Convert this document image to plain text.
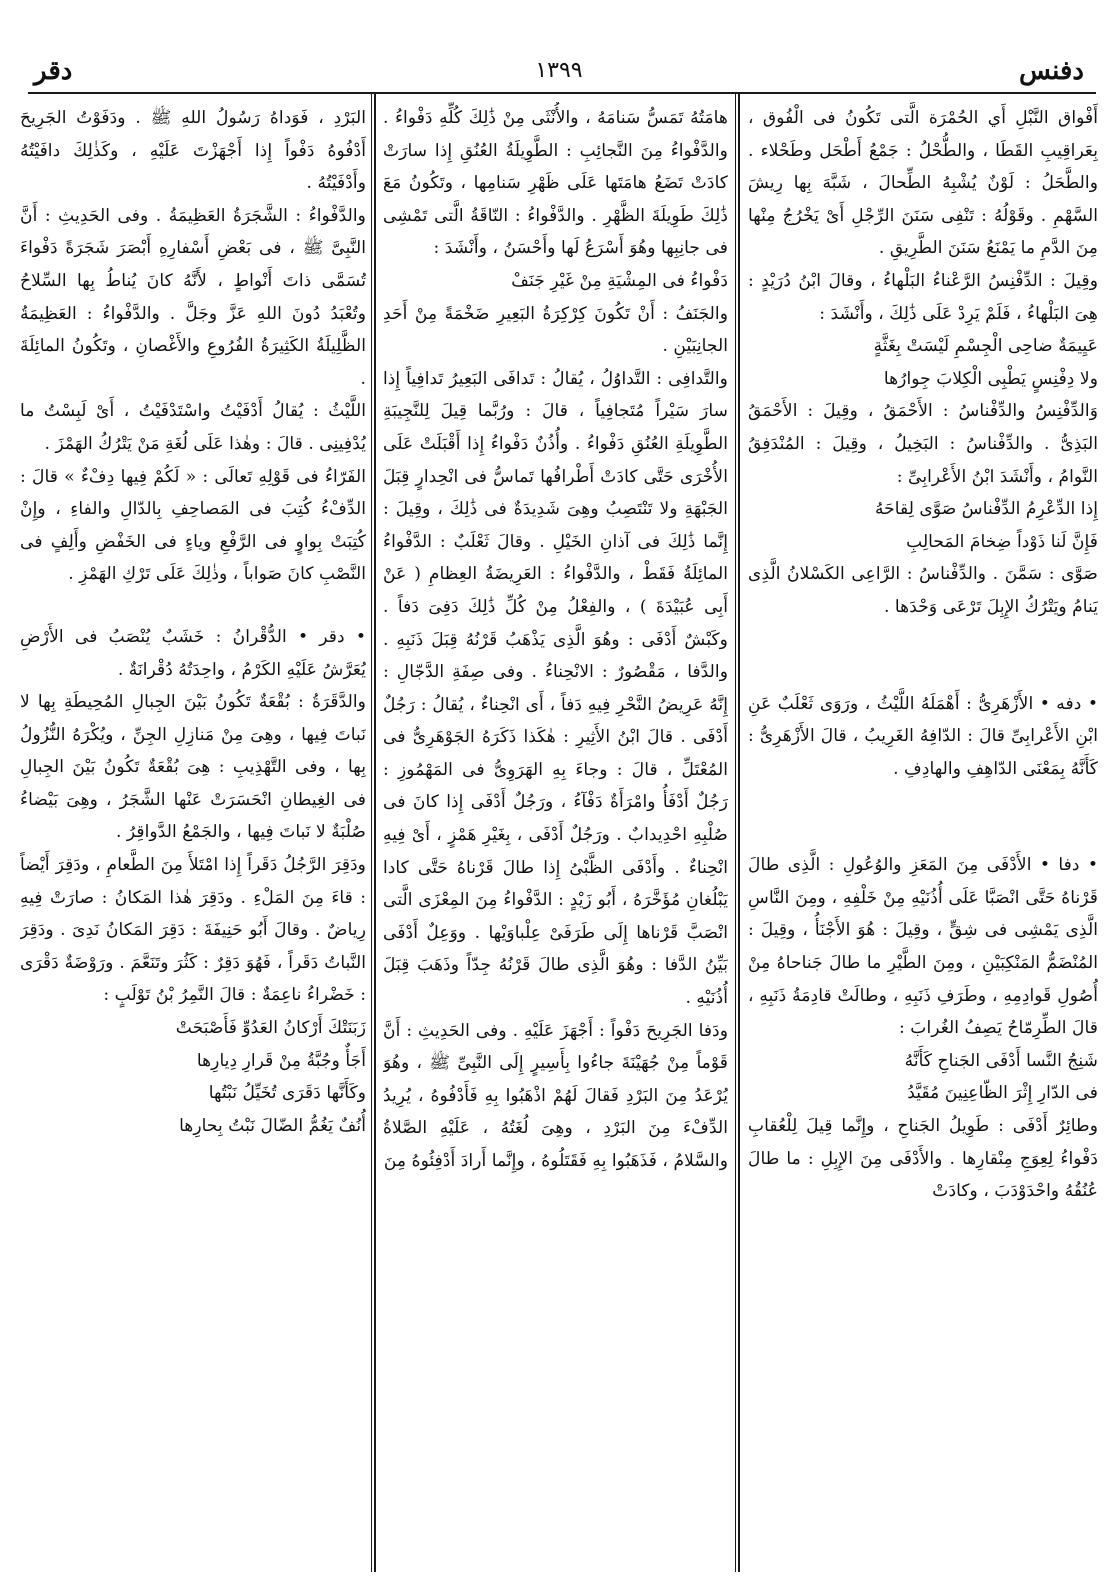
دفنس
١٣٩٩
دقر

أَفْواق النَّبْلِ أَي الحُمْرَة الَّتى تَكُونُ فى الْفُوق ، بِعَراقِيبِ القَطَا ، والطُّحْلُ : جَمْعُ أَطْحَل وطَحْلاء . والطَّحَلُ : لَوْنٌ يُشْبِهُ الطِّحالَ ، شَبَّهَ بِها رِيشَ السَّهْمِ . وقَوْلُهُ : تَنْفِى سَنَنَ الرِّجْلِ أَىْ يَخْرُجُ مِنْها مِنَ الدَّمِ ما يَمْنَعُ سَنَنَ الطَّرِيقِ .

وقِيلَ : الدِّفْنِسُ الرَّعْناءُ البَلْهاءُ ، وقالَ ابْنُ دُرَيْدٍ : هِىَ البَلْهاءُ ، فَلَمْ يَرِدْ عَلَى ذَٰلِكَ ، وأَنْشَدَ :

عَيِيمَةٌ ضاحِى الْجِسْمِ لَيْسَتْ بِغَثَّةٍ

ولا دِفْنِسٍ يَطْبِى الْكِلابَ جِوارُها

وَالدِّفْنِسُ والدِّفْناسُ : الأَحْمَقُ ، وقِيلَ : الأَحْمَقُ البَذِىُّ . والدِّفْناسُ : البَخِيلُ ، وقِيلَ : المُنْدَفِقُ النَّوامُ ، وأَنْشَدَ ابْنُ الأَعْرابِىِّ :

إِذا الدِّعْرِمُ الدِّفْناسُ صَوَّى لِقاحَهُ

فَإِنَّ لَنا ذَوْداً ضِخامَ المَحالِبِ

صَوَّى : سَمَّنَ . والدِّفْناسُ : الرَّاعِى الكَسْلانُ الَّذِى يَنامُ ويَتْرُكُ الإِبِلَ تَرْعَى وَحْدَها .

• دفه • الأَزْهَرِىُّ : أَهْمَلَهُ اللَّيْثُ ، ورَوَى ثَعْلَبٌ عَنِ ابْنِ الأَعْرابِىِّ قالَ : الدّافِهُ الغَرِيبُ ، قالَ الأَزْهَرِىُّ : كَأَنَّهُ بِمَعْنَى الدّاهِفِ والهادِفِ .

• دفا • الأَدْفَى مِنَ المَعَزِ والوُعُولِ : الَّذِى طالَ قَرْناهُ حَتَّى انْصَبَّا عَلَى أُذُنَيْهِ مِنْ خَلْفِهِ ، ومِنَ النَّاسِ الَّذِى يَمْشِى فى شِقٍّ ، وقِيلَ : هُوَ الأَجْنَأُ ، وقِيلَ : المُنْضَمُّ المَنْكِبَيْنِ ، ومِنَ الطَّيْرِ ما طالَ جَناحاهُ مِنْ أُصُولِ قَوادِمِهِ ، وطَرَفِ ذَنَبِهِ ، وطالَتْ قادِمَةُ ذَنَبِهِ ، قالَ الطِّرِمّاحُ يَصِفُ الغُرابَ :

شَنِجُ النَّسا أَدْفَى الجَناحِ كَأَنَّهُ

فى الدّارِ إِثْرَ الظّاعِنِينَ مُقَيَّدُ

وطائِرٌ أَدْفَى : طَوِيلُ الجَناحِ ، وإِنَّما قِيلَ لِلْعُقابِ دَفْواءُ لِعِوَجِ مِنْقارِها . والأَدْفَى مِنَ الإِبِلِ : ما طالَ عُنُقُهُ واحْدَوْدَبَ ، وكادَتْ

هامَتُهُ تَمَسُّ سَنامَهُ ، والأُنْثَى مِنْ ذَٰلِكَ كُلِّهِ دَفْواءُ . والدَّفْواءُ مِنَ النَّجائِبِ : الطَّوِيلَةُ العُنُقِ إِذا سارَتْ كادَتْ تَضَعُ هامَتَها عَلَى ظَهْرِ سَنامِها ، وتَكُونُ مَعَ ذَٰلِكَ طَوِيلَةَ الظَّهْرِ . والدَّفْواءُ : النّاقَةُ الَّتى تَمْشِى فى جانِبِها وهُوَ أَسْرَعُ لَها وأَحْسَنُ ، وأَنْشَدَ :

دَفْواءُ فى المِشْيَةِ مِنْ غَيْرِ جَنَفْ

والجَنَفُ : أَنْ تَكُونَ كِرْكِرَةُ البَعِيرِ ضَخْمَةً مِنْ أَحَدِ الجانِبَيْنِ .

والتَّدافِى : التَّداوُلُ ، يُقالُ : تَدافَى البَعِيرُ تَدافِياً إِذا سارَ سَيْراً مُتَجافِياً ، قالَ : ورُبَّما قِيلَ لِلنَّجِيبَةِ الطَّوِيلَةِ العُنُقِ دَفْواءُ . وأُذُنٌ دَفْواءُ إِذا أَقْبَلَتْ عَلَى الأُخْرَى حَتَّى كادَتْ أَطْرافُها تَماسُّ فى انْحِدارٍ قِبَلَ الجَبْهَةِ ولا تَنْتَصِبُ وهِىَ شَدِيدَةٌ فى ذَٰلِكَ ، وقِيلَ : إِنَّما ذَٰلِكَ فى آذانِ الخَيْلِ . وقالَ ثَعْلَبٌ : الدَّفْواءُ المائِلَةُ فَقَطْ ، والدَّفْواءُ : العَرِيضَةُ العِظامِ ( عَنْ أَبِى عُبَيْدَةَ ) ، والفِعْلُ مِنْ كُلِّ ذَٰلِكَ دَفِىَ دَفاً . وكَبْشٌ أَدْفَى : وهُوَ الَّذِى يَذْهَبُ قَرْنُهُ قِبَلَ ذَنَبِهِ . والدَّفا ، مَقْصُورٌ : الانْحِناءُ . وفى صِفَةِ الدَّجّالِ : إِنَّهُ عَرِيضُ النَّحْرِ فِيهِ دَفاً ، أَى انْحِناءٌ ، يُقالُ : رَجُلٌ أَدْفَى . قالَ ابْنُ الأَثِيرِ : هٰكَذا ذَكَرَهُ الجَوْهَرِىُّ فى المُعْتَلِّ ، قالَ : وجاءَ بِهِ الهَرَوِىُّ فى المَهْمُوزِ : رَجُلٌ أَدْفَأُ وامْرَأَةٌ دَفْآءُ ، ورَجُلٌ أَدْفَى إِذا كانَ فى صُلْبِهِ احْدِيدابٌ . ورَجُلٌ أَدْفَى ، بِغَيْرِ هَمْزٍ ، أَىْ فِيهِ انْحِناءٌ . وأَدْفَى الظَّبْىُ إِذا طالَ قَرْناهُ حَتَّى كادا يَبْلُغانِ مُؤَخَّرَهُ ، أَبُو زَيْدٍ : الدَّفْواءُ مِنَ المِعْزَى الَّتى انْصَبَّ قَرْناها إِلَى طَرَفَىْ عِلْباوَيْها . ووَعِلٌ أَدْفَى بَيِّنُ الدَّفا : وهُوَ الَّذِى طالَ قَرْنُهُ جِدّاً وذَهَبَ قِبَلَ أُذُنَيْهِ .

ودَفا الجَرِيحَ دَفْواً : أَجْهَزَ عَلَيْهِ . وفى الحَدِيثِ : أَنَّ قَوْماً مِنْ جُهَيْنَةَ جاءُوا بِأَسِيرٍ إِلَى النَّبِىِّ ﷺ ، وهُوَ يُرْعَدُ مِنَ البَرْدِ فَقالَ لَهُمْ اذْهَبُوا بِهِ فَأَدْفُوهُ ، يُرِيدُ الدِّفْءَ مِنَ البَرْدِ ، وهِىَ لُغَتُهُ ، عَلَيْهِ الصَّلاةُ والسَّلامُ ، فَذَهَبُوا بِهِ فَقَتَلُوهُ ، وإِنَّما أَرادَ أَدْفِئُوهُ مِنَ

البَرْدِ ، فَوَداهُ رَسُولُ اللهِ ﷺ . ودَفَوْتُ الجَرِيحَ أَدْفُوهُ دَفْواً إِذا أَجْهَزْتَ عَلَيْهِ ، وكَذٰلِكَ دافَيْتُهُ وأَدْفَيْتُهُ .

والدَّفْواءُ : الشَّجَرَةُ العَظِيمَةُ . وفى الحَدِيثِ : أَنَّ النَّبِىَّ ﷺ ، فى بَعْضِ أَسْفارِهِ أَبْصَرَ شَجَرَةً دَفْواءَ تُسَمَّى ذاتَ أَنْواطٍ ، لأَنَّهُ كانَ يُناطُ بِها السِّلاحُ وتُعْبَدُ دُونَ اللهِ عَزَّ وجَلَّ . والدَّفْواءُ : العَظِيمَةُ الظَّلِيلَةُ الكَثِيرَةُ الفُرُوعِ والأَغْصانِ ، وتَكُونُ المائِلَةَ .

اللَّيْثُ : يُقالُ أَدْفَيْتُ واسْتَدْفَيْتُ ، أَىْ لَبِسْتُ ما يُدْفِينِى . قالَ : وهٰذا عَلَى لُغَةِ مَنْ يَتْرُكُ الهَمْزَ .

الفَرّاءُ فى قَوْلِهِ تَعالَى : « لَكُمْ فِيها دِفْءٌ » قالَ : الدِّفْءُ كُتِبَ فى المَصاحِفِ بِالدّالِ والفاءِ ، وإِنْ كُتِبَتْ بِواوٍ فى الرَّفْعِ وياءٍ فى الخَفْضِ وأَلِفٍ فى النَّصْبِ كانَ صَواباً ، وذٰلِكَ عَلَى تَرْكِ الهَمْزِ .

• دقر • الدُّقْرانُ : خَشَبٌ يُنْصَبُ فى الأَرْضِ يُعَرَّشُ عَلَيْهِ الكَرْمُ ، واحِدَتُهُ دُقْرانَةٌ .

والدَّقَرَةُ : بُقْعَةٌ تَكُونُ بَيْنَ الجِبالِ المُحِيطَةِ بِها لا نَباتَ فِيها ، وهِىَ مِنْ مَنازِلِ الجِنِّ ، ويُكْرَهُ النُّزُولُ بِها ، وفى التَّهْذِيبِ : هِىَ بُقْعَةٌ تَكُونُ بَيْنَ الجِبالِ فى الغِيطانِ انْحَسَرَتْ عَنْها الشَّجَرُ ، وهِىَ بَيْضاءُ صُلْبَةٌ لا نَباتَ فِيها ، والجَمْعُ الدَّواقِرُ .

ودَقِرَ الرَّجُلُ دَقَراً إِذا امْتَلأَ مِنَ الطَّعامِ ، ودَقِرَ أَيْضاً : قاءَ مِنَ المَلْءِ . ودَقِرَ هٰذا المَكانُ : صارَتْ فِيهِ رِياضٌ . وقالَ أَبُو حَنِيفَةَ : دَقِرَ المَكانُ نَدِىَ . ودَقِرَ النَّباتُ دَقَراً ، فَهُوَ دَقِرٌ : كَثُرَ وتَنَعَّمَ . ورَوْضَةٌ دَقْرَى : خَضْراءُ ناعِمَةٌ : قالَ النَّمِرُ بْنُ تَوْلَبٍ :

زَبَنَتْكَ أَرْكانُ العَدُوِّ فَأَصْبَحَتْ

أَجَأٌ وجُبَّةُ مِنْ قَرارِ دِيارِها

وكَأَنَّها دَقَرَى تُخَيِّلُ نَبْتُها

أُنُفٌ يَغُمُّ الضّالَ نَبْتُ بِحارِها
